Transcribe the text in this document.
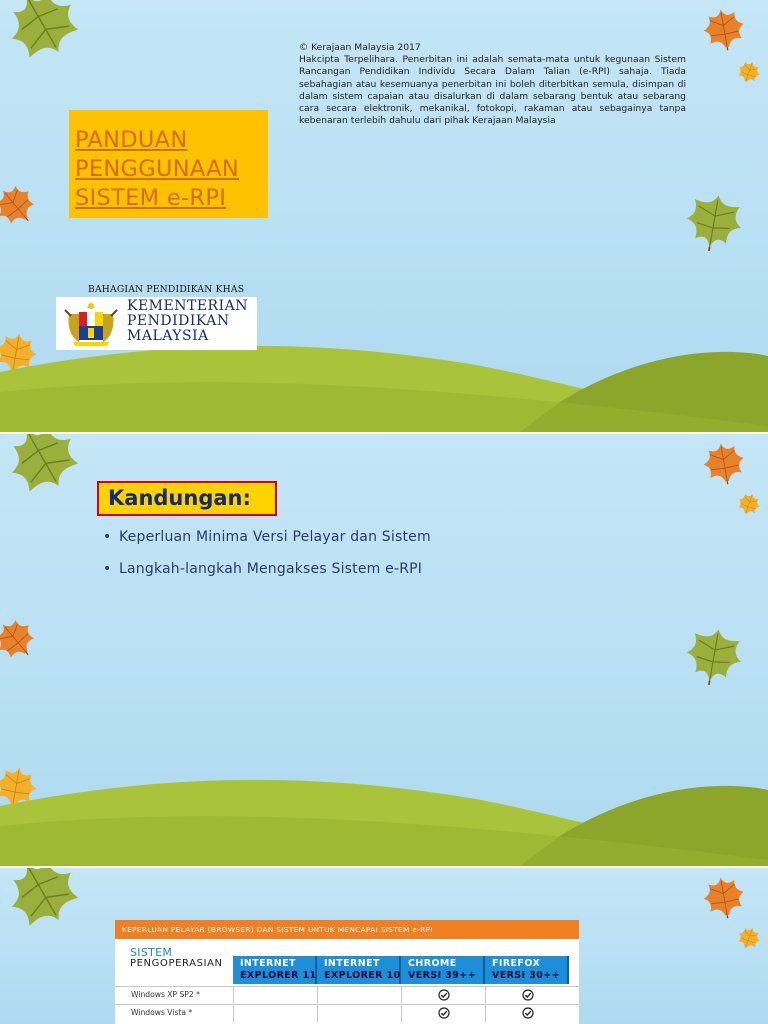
© Kerajaan Malaysia 2017
Hakcipta Terpelihara. Penerbitan ini adalah semata-mata untuk kegunaan Sistem Rancangan Pendidikan Individu Secara Dalam Talian (e-RPI) sahaja. Tiada sebahagian atau kesemuanya penerbitan ini boleh diterbitkan semula, disimpan di dalam sistem capaian atau disalurkan di dalam sebarang bentuk atau sebarang cara secara elektronik, mekanikal, fotokopi, rakaman atau sebagainya tanpa kebenaran terlebih dahulu dari pihak Kerajaan Malaysia
PANDUAN
PENGGUNAAN
SISTEM e-RPI
BAHAGIAN PENDIDIKAN KHAS
KEMENTERIAN
PENDIDIKAN
MALAYSIA
Kandungan:
• Keperluan Minima Versi Pelayar dan Sistem
• Langkah-langkah Mengakses Sistem e-RPI
KEPERLUAN PELAYAR (BROWSER) DAN SISTEM UNTUK MENCAPAI SISTEM e-RPI
SISTEM
PENGOPERASIAN INTERNET
EXPLORER 11
INTERNET
EXPLORER 10
CHROME
VERSI 39++
FIREFOX
VERSI 30++
Windows XP SP2 *
Windows Vista *
